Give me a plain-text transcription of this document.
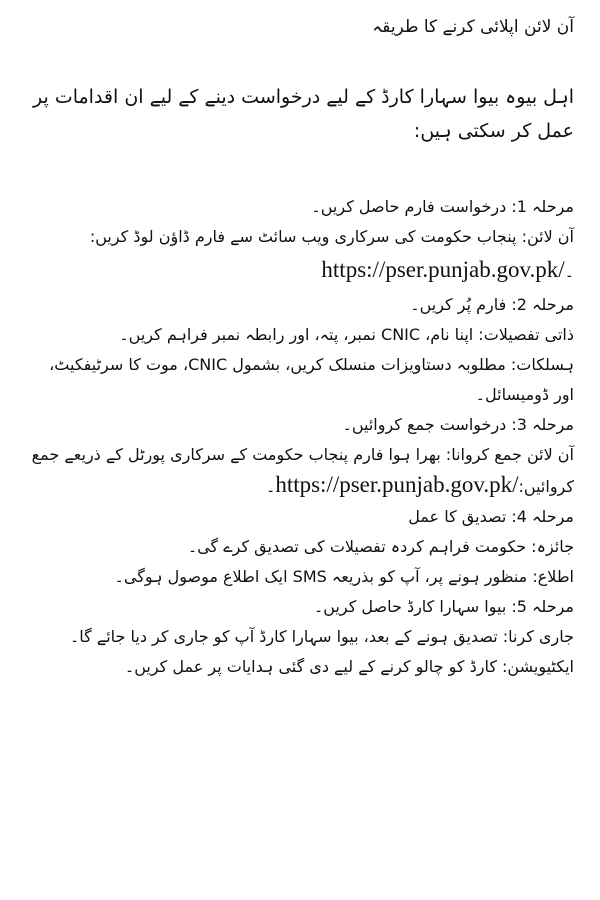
آن لائن اپلائی کرنے کا طریقہ

اہل بیوہ بیوا سہارا کارڈ کے لیے درخواست دینے کے لیے ان اقدامات پر عمل کر سکتی ہیں:

مرحلہ 1: درخواست فارم حاصل کریں۔

آن لائن: پنجاب حکومت کی سرکاری ویب سائٹ سے فارم ڈاؤن لوڈ کریں:

۔https://pser.punjab.gov.pk/

مرحلہ 2: فارم پُر کریں۔

ذاتی تفصیلات: اپنا نام، CNIC نمبر، پتہ، اور رابطہ نمبر فراہم کریں۔

ہسلکات: مطلوبہ دستاویزات منسلک کریں، بشمول CNIC، موت کا سرٹیفکیٹ، اور ڈومیسائل۔

مرحلہ 3: درخواست جمع کروائیں۔

آن لائن جمع کروانا: بھرا ہوا فارم پنجاب حکومت کے سرکاری پورٹل کے ذریعے جمع کروائیں:https://pser.punjab.gov.pk/۔

مرحلہ 4: تصدیق کا عمل

جائزہ: حکومت فراہم کردہ تفصیلات کی تصدیق کرے گی۔

اطلاع: منظور ہونے پر، آپ کو بذریعہ SMS ایک اطلاع موصول ہوگی۔

مرحلہ 5: بیوا سہارا کارڈ حاصل کریں۔

جاری کرنا: تصدیق ہونے کے بعد، بیوا سہارا کارڈ آپ کو جاری کر دیا جائے گا۔

ایکٹیویشن: کارڈ کو چالو کرنے کے لیے دی گئی ہدایات پر عمل کریں۔
